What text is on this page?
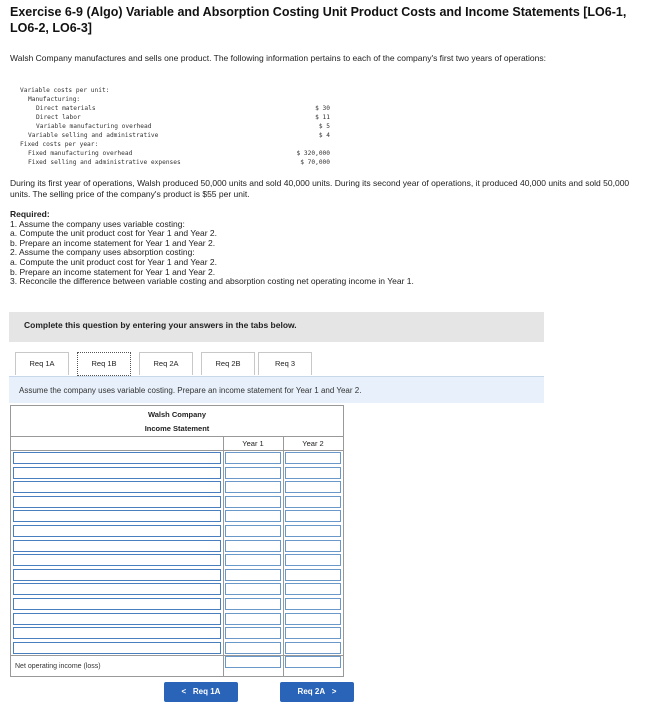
Exercise 6-9 (Algo) Variable and Absorption Costing Unit Product Costs and Income Statements [LO6-1, LO6-2, LO6-3]
Walsh Company manufactures and sells one product. The following information pertains to each of the company's first two years of operations:
Variable costs per unit:
Manufacturing:
Direct materials	$ 30
Direct labor	$ 11
Variable manufacturing overhead	$ 5
Variable selling and administrative	$ 4
Fixed costs per year:
Fixed manufacturing overhead	$ 320,000
Fixed selling and administrative expenses	$ 70,000
During its first year of operations, Walsh produced 50,000 units and sold 40,000 units. During its second year of operations, it produced 40,000 units and sold 50,000 units. The selling price of the company's product is $55 per unit.
Required:
1. Assume the company uses variable costing:
a. Compute the unit product cost for Year 1 and Year 2.
b. Prepare an income statement for Year 1 and Year 2.
2. Assume the company uses absorption costing:
a. Compute the unit product cost for Year 1 and Year 2.
b. Prepare an income statement for Year 1 and Year 2.
3. Reconcile the difference between variable costing and absorption costing net operating income in Year 1.
Complete this question by entering your answers in the tabs below.
Req 1A	Req 1B	Req 2A	Req 2B	Req 3
Assume the company uses variable costing. Prepare an income statement for Year 1 and Year 2.
Walsh Company
Income Statement
Year 1	Year 2
Net operating income (loss)
< Req 1A	Req 2A >
